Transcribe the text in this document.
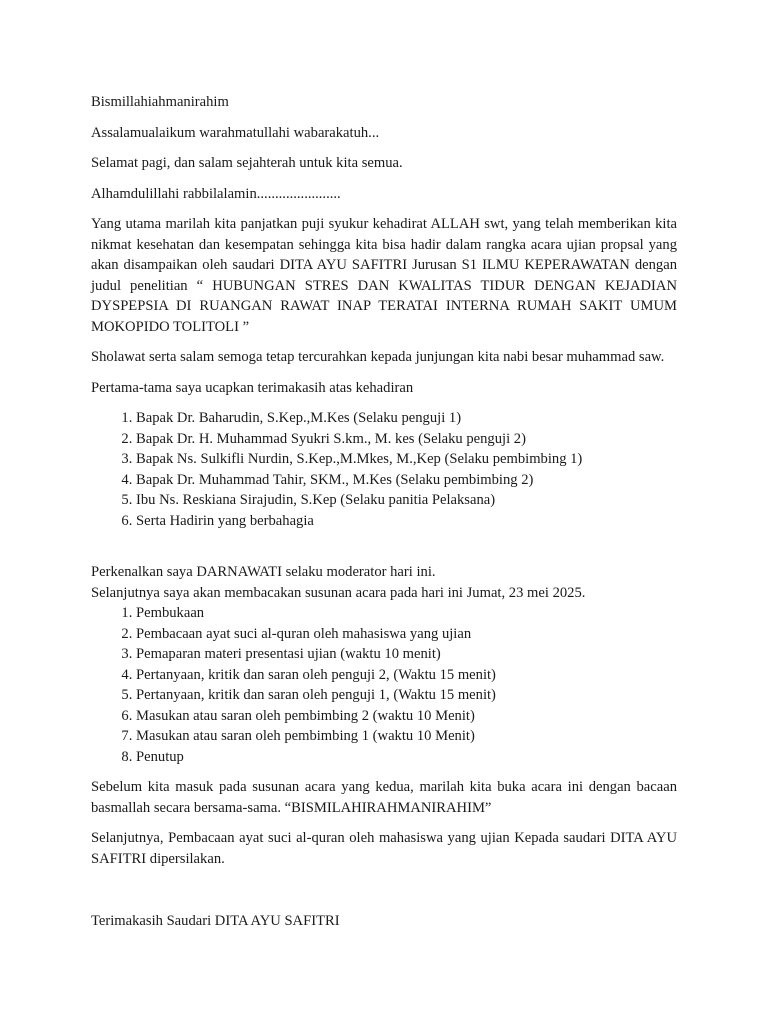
Bismillahiahmanirahim

Assalamualaikum warahmatullahi wabarakatuh...

Selamat pagi, dan salam sejahterah untuk kita semua.

Alhamdulillahi rabbilalamin.......................

Yang utama marilah kita panjatkan puji syukur kehadirat ALLAH swt, yang telah memberikan kita nikmat kesehatan dan kesempatan sehingga kita bisa hadir dalam rangka acara ujian propsal yang akan disampaikan oleh saudari DITA AYU SAFITRI Jurusan S1 ILMU KEPERAWATAN dengan judul penelitian “ HUBUNGAN STRES DAN KWALITAS TIDUR DENGAN KEJADIAN DYSPEPSIA DI RUANGAN RAWAT INAP TERATAI INTERNA RUMAH SAKIT UMUM MOKOPIDO TOLITOLI ”

Sholawat serta salam semoga tetap tercurahkan kepada junjungan kita nabi besar muhammad saw.

Pertama-tama saya ucapkan terimakasih atas kehadiran

1. Bapak Dr. Baharudin, S.Kep.,M.Kes (Selaku penguji 1)
2. Bapak Dr. H. Muhammad Syukri S.km., M. kes (Selaku penguji 2)
3. Bapak Ns. Sulkifli Nurdin, S.Kep.,M.Mkes, M.,Kep (Selaku pembimbing 1)
4. Bapak Dr. Muhammad Tahir, SKM., M.Kes (Selaku pembimbing 2)
5. Ibu Ns. Reskiana Sirajudin, S.Kep (Selaku panitia Pelaksana)
6. Serta Hadirin yang berbahagia

Perkenalkan saya DARNAWATI selaku moderator hari ini.

Selanjutnya saya akan membacakan susunan acara pada hari ini Jumat, 23 mei 2025.

1. Pembukaan
2. Pembacaan ayat suci al-quran oleh mahasiswa yang ujian
3. Pemaparan materi presentasi ujian (waktu 10 menit)
4. Pertanyaan, kritik dan saran oleh penguji 2, (Waktu 15 menit)
5. Pertanyaan, kritik dan saran oleh penguji 1, (Waktu 15 menit)
6. Masukan atau saran oleh pembimbing 2 (waktu 10 Menit)
7. Masukan atau saran oleh pembimbing 1 (waktu 10 Menit)
8. Penutup

Sebelum kita masuk pada susunan acara yang kedua, marilah kita buka acara ini dengan bacaan basmallah secara bersama-sama. “BISMILAHIRAHMANIRAHIM”

Selanjutnya, Pembacaan ayat suci al-quran oleh mahasiswa yang ujian Kepada saudari DITA AYU SAFITRI dipersilakan.

Terimakasih Saudari DITA AYU SAFITRI
